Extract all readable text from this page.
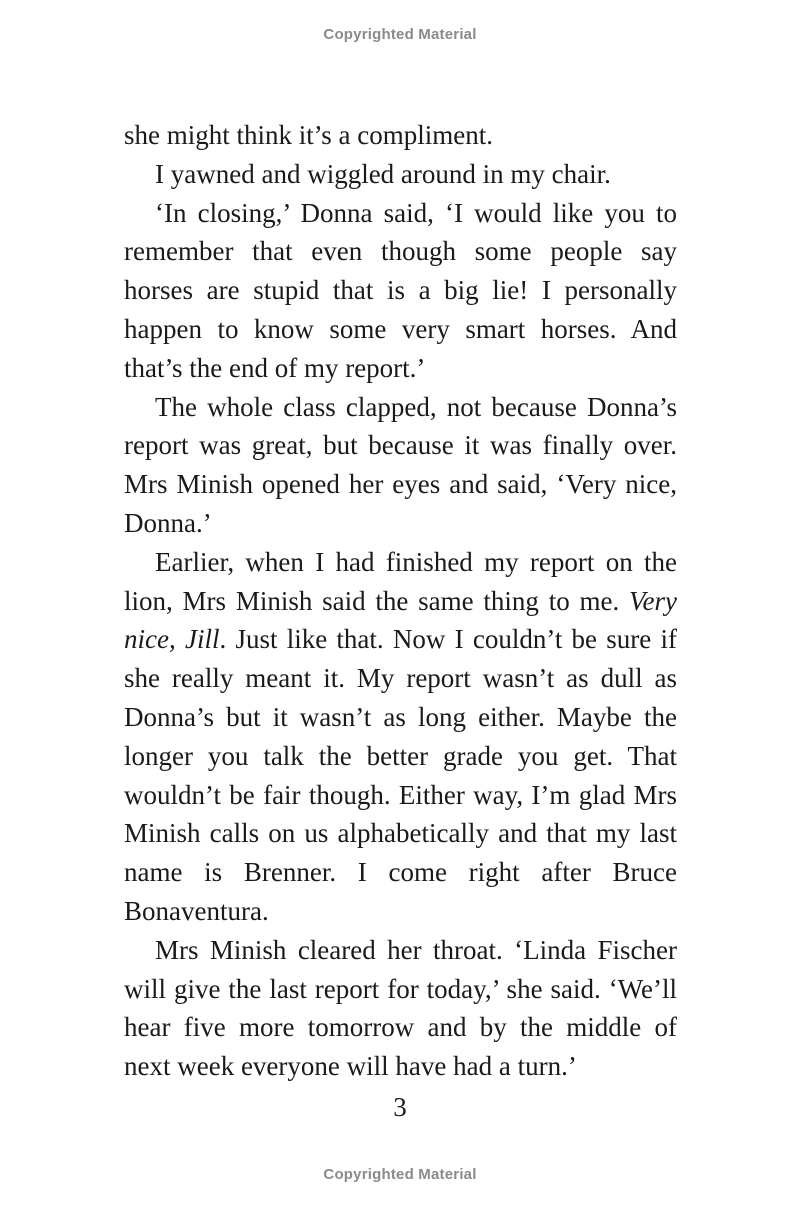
Copyrighted Material

she might think it’s a compliment.

I yawned and wiggled around in my chair.

‘In closing,’ Donna said, ‘I would like you to remember that even though some people say horses are stupid that is a big lie! I personally happen to know some very smart horses. And that’s the end of my report.’

The whole class clapped, not because Donna’s report was great, but because it was finally over. Mrs Minish opened her eyes and said, ‘Very nice, Donna.’

Earlier, when I had finished my report on the lion, Mrs Minish said the same thing to me. Very nice, Jill. Just like that. Now I couldn’t be sure if she really meant it. My report wasn’t as dull as Donna’s but it wasn’t as long either. Maybe the longer you talk the better grade you get. That wouldn’t be fair though. Either way, I’m glad Mrs Minish calls on us alphabetically and that my last name is Brenner. I come right after Bruce Bonaventura.

Mrs Minish cleared her throat. ‘Linda Fischer will give the last report for today,’ she said. ‘We’ll hear five more tomorrow and by the middle of next week everyone will have had a turn.’

3
Copyrighted Material
